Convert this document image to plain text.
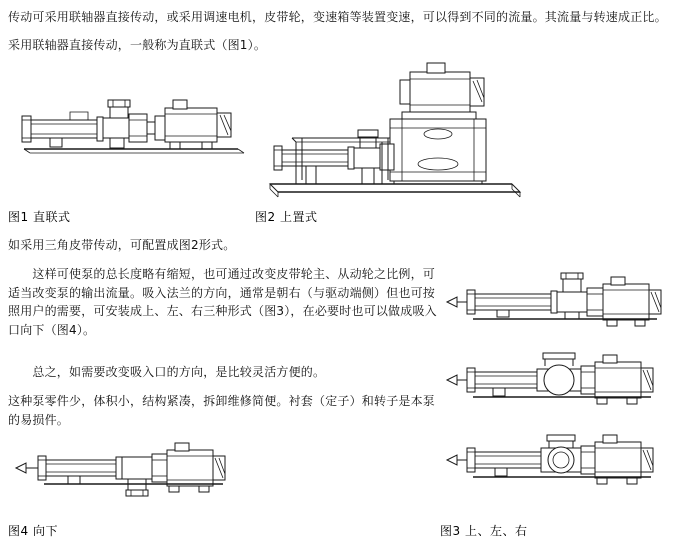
传动可采用联轴器直接传动，或采用调速电机，皮带轮，变速箱等装置变速，可以得到不同的流量。其流量与转速成正比。
采用联轴器直接传动，一般称为直联式（图1）。
图1 直联式	图2 上置式
如采用三角皮带传动，可配置成图2形式。
　　这样可使泵的总长度略有缩短，也可通过改变皮带轮主、从动轮之比例，可适当改变泵的输出流量。吸入法兰的方向，通常是朝右（与驱动端侧）但也可按照用户的需要，可安装成上、左、右三种形式（图3），在必要时也可以做成吸入口向下（图4）。
　　总之，如需要改变吸入口的方向，是比较灵活方便的。
这种泵零件少，体积小，结构紧凑，拆卸维修简便。衬套（定子）和转子是本泵的易损件。
图4 向下	图3 上、左、右
